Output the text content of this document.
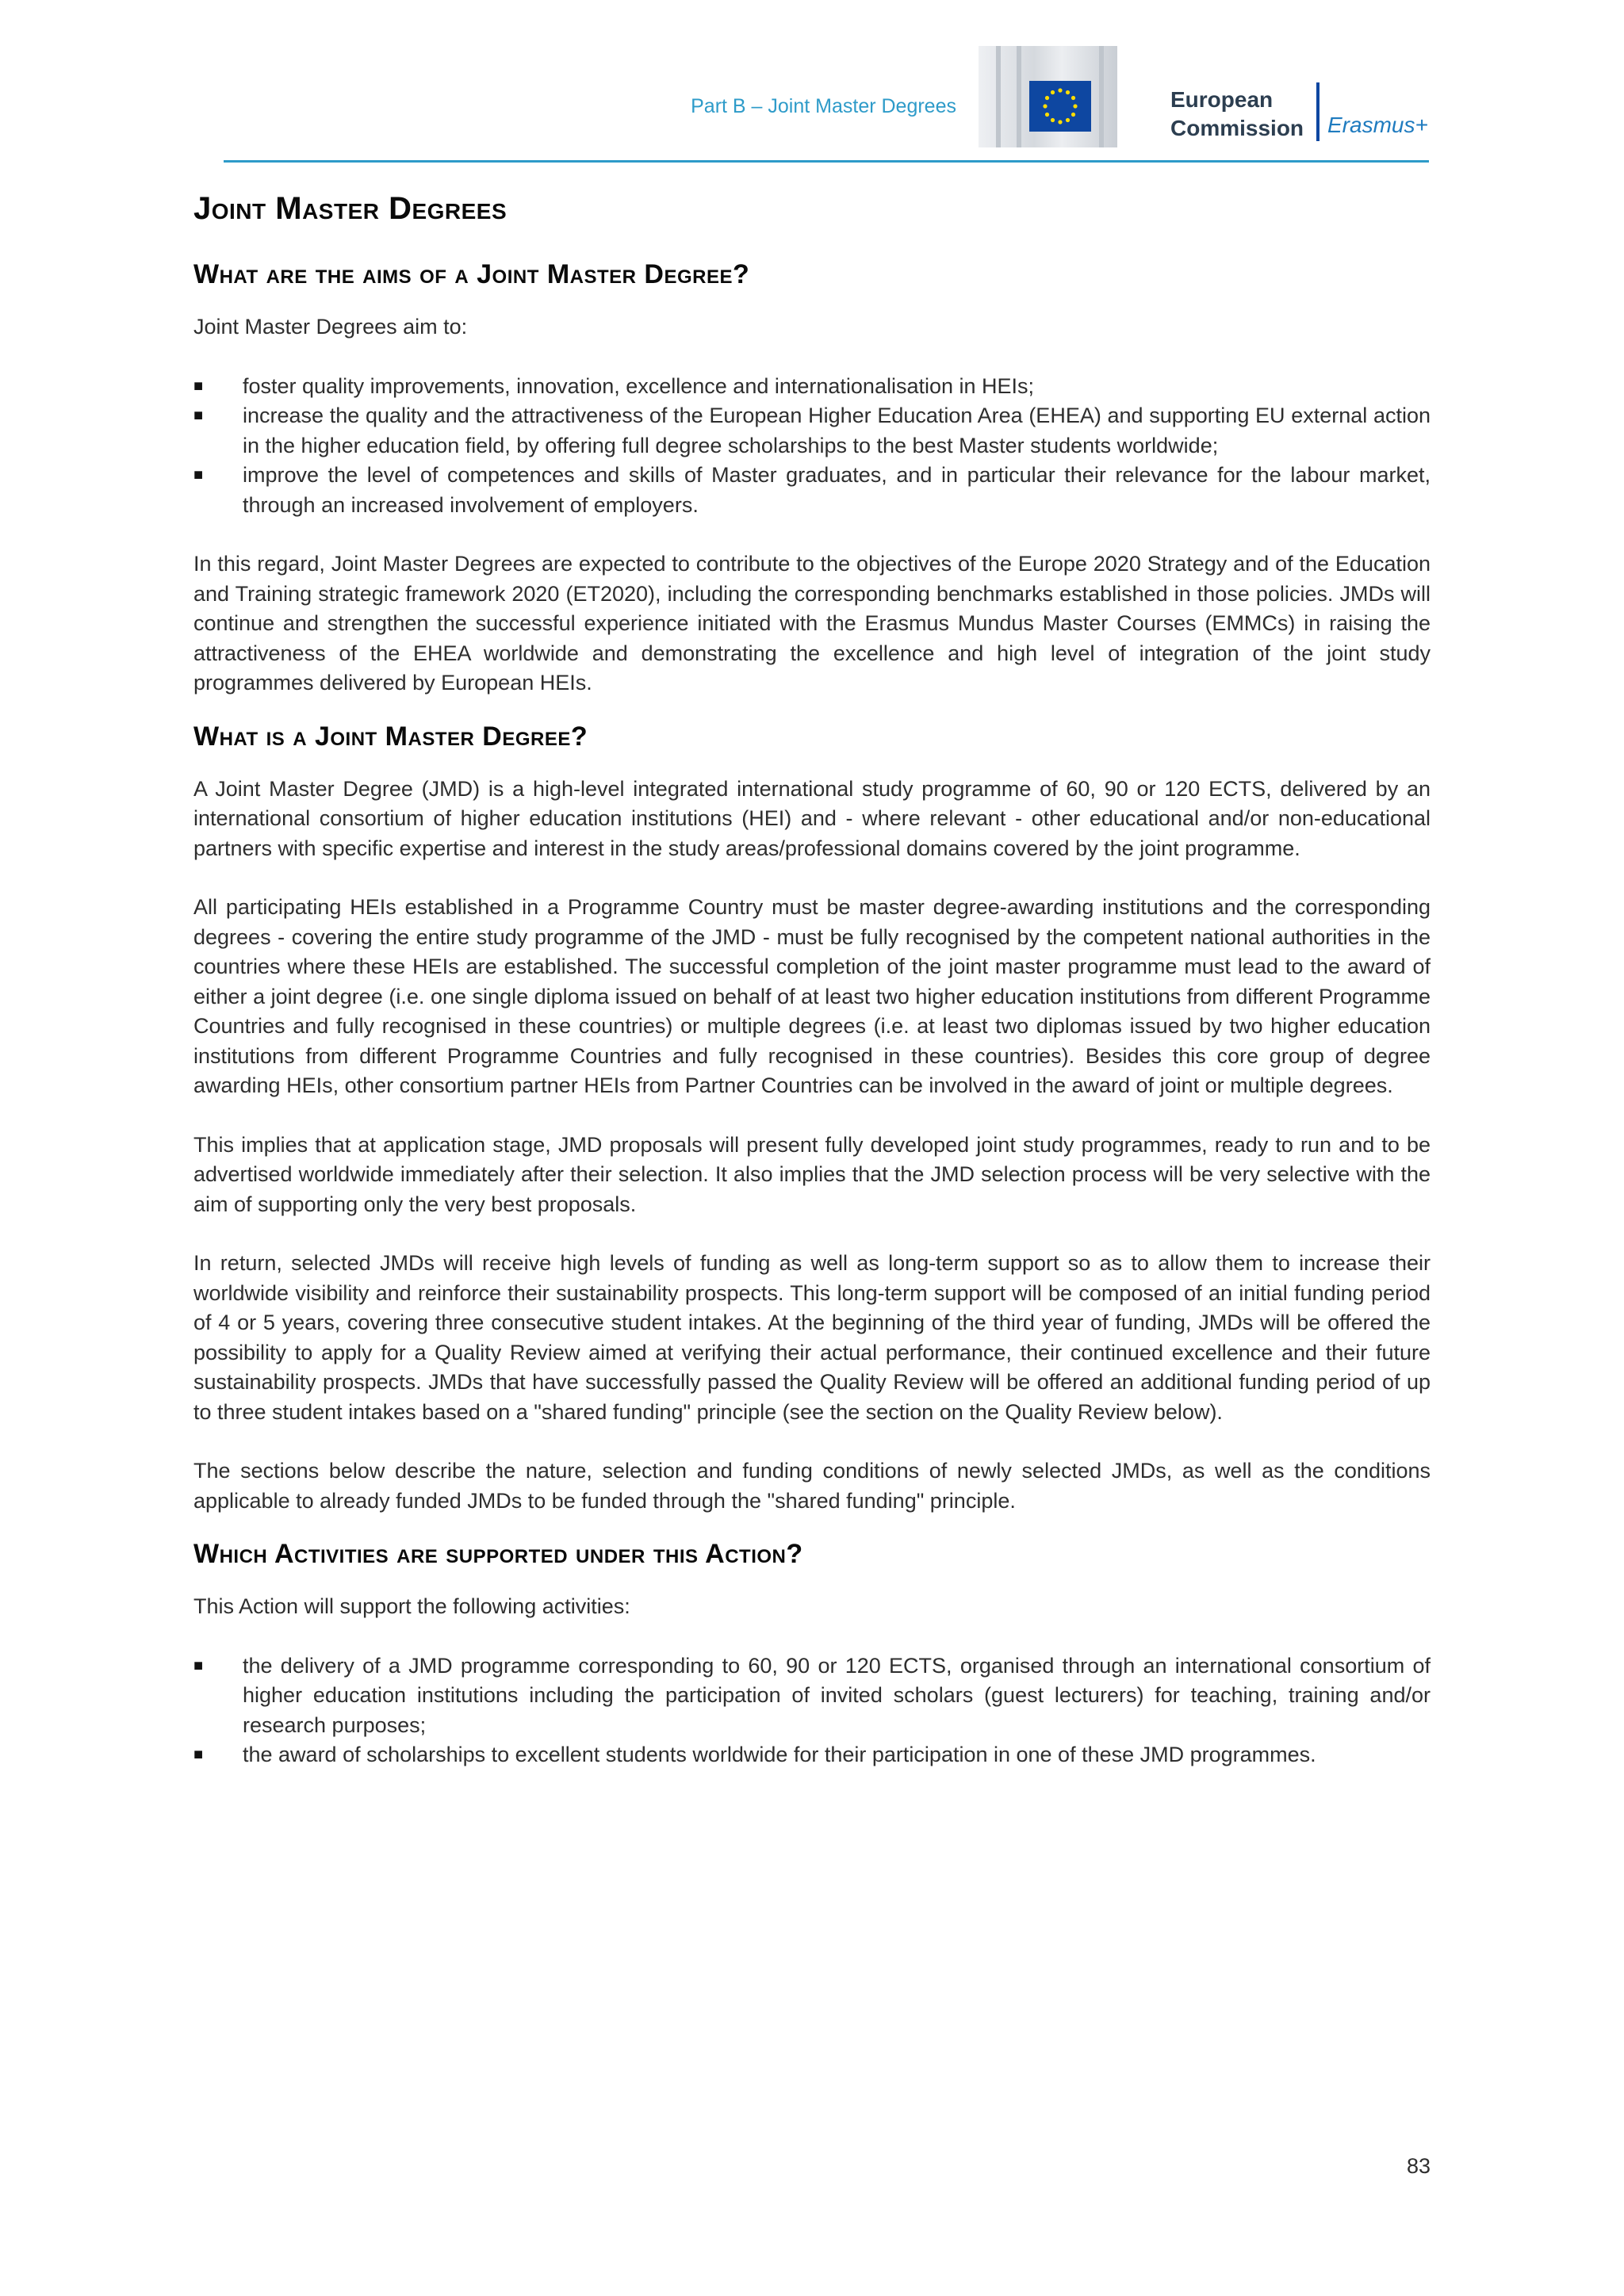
Part B – Joint Master Degrees	European
Commission Erasmus+
Joint Master Degrees
What are the aims of a Joint Master Degree?

Joint Master Degrees aim to:

■ foster quality improvements, innovation, excellence and internationalisation in HEIs;
■ increase the quality and the attractiveness of the European Higher Education Area (EHEA) and supporting EU external action in the higher education field, by offering full degree scholarships to the best Master students worldwide;
■ improve the level of competences and skills of Master graduates, and in particular their relevance for the labour market, through an increased involvement of employers.

In this regard, Joint Master Degrees are expected to contribute to the objectives of the Europe 2020 Strategy and of the Education and Training strategic framework 2020 (ET2020), including the corresponding benchmarks established in those policies. JMDs will continue and strengthen the successful experience initiated with the Erasmus Mundus Master Courses (EMMCs) in raising the attractiveness of the EHEA worldwide and demonstrating the excellence and high level of integration of the joint study programmes delivered by European HEIs.

What is a Joint Master Degree?

A Joint Master Degree (JMD) is a high-level integrated international study programme of 60, 90 or 120 ECTS, delivered by an international consortium of higher education institutions (HEI) and - where relevant - other educational and/or non-educational partners with specific expertise and interest in the study areas/professional domains covered by the joint programme.

All participating HEIs established in a Programme Country must be master degree-awarding institutions and the corresponding degrees - covering the entire study programme of the JMD - must be fully recognised by the competent national authorities in the countries where these HEIs are established. The successful completion of the joint master programme must lead to the award of either a joint degree (i.e. one single diploma issued on behalf of at least two higher education institutions from different Programme Countries and fully recognised in these countries) or multiple degrees (i.e. at least two diplomas issued by two higher education institutions from different Programme Countries and fully recognised in these countries). Besides this core group of degree awarding HEIs, other consortium partner HEIs from Partner Countries can be involved in the award of joint or multiple degrees.

This implies that at application stage, JMD proposals will present fully developed joint study programmes, ready to run and to be advertised worldwide immediately after their selection. It also implies that the JMD selection process will be very selective with the aim of supporting only the very best proposals.

In return, selected JMDs will receive high levels of funding as well as long-term support so as to allow them to increase their worldwide visibility and reinforce their sustainability prospects. This long-term support will be composed of an initial funding period of 4 or 5 years, covering three consecutive student intakes. At the beginning of the third year of funding, JMDs will be offered the possibility to apply for a Quality Review aimed at verifying their actual performance, their continued excellence and their future sustainability prospects. JMDs that have successfully passed the Quality Review will be offered an additional funding period of up to three student intakes based on a "shared funding" principle (see the section on the Quality Review below).

The sections below describe the nature, selection and funding conditions of newly selected JMDs, as well as the conditions applicable to already funded JMDs to be funded through the "shared funding" principle.

Which Activities are supported under this Action?

This Action will support the following activities:

■ the delivery of a JMD programme corresponding to 60, 90 or 120 ECTS, organised through an international consortium of higher education institutions including the participation of invited scholars (guest lecturers) for teaching, training and/or research purposes;
■ the award of scholarships to excellent students worldwide for their participation in one of these JMD programmes.
83
